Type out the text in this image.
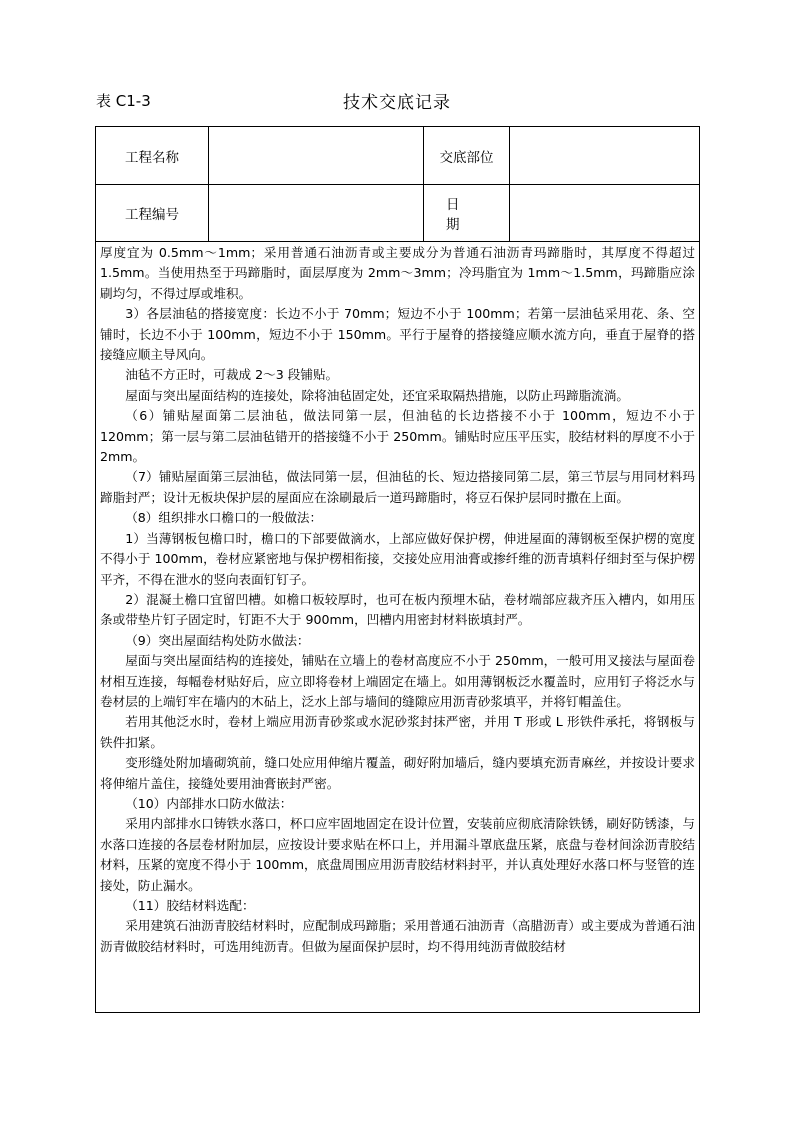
表 C1-3	技术交底记录
工程名称	交底部位
工程编号
日期

厚度宜为 0.5mm～1mm；采用普通石油沥青或主要成分为普通石油沥青玛蹄脂时，其厚度不得超过 1.5mm。当使用热至于玛蹄脂时，面层厚度为 2mm～3mm；冷玛脂宜为 1mm～1.5mm，玛蹄脂应涂刷均匀，不得过厚或堆积。

3）各层油毡的搭接宽度：长边不小于 70mm；短边不小于 100mm；若第一层油毡采用花、条、空铺时，长边不小于 100mm，短边不小于 150mm。平行于屋脊的搭接缝应顺水流方向，垂直于屋脊的搭接缝应顺主导风向。

油毡不方正时，可裁成 2～3 段铺贴。

屋面与突出屋面结构的连接处，除将油毡固定处，还宜采取隔热措施，以防止玛蹄脂流淌。

（6）铺贴屋面第二层油毡，做法同第一层，但油毡的长边搭接不小于 100mm，短边不小于 120mm；第一层与第二层油毡错开的搭接缝不小于 250mm。铺贴时应压平压实，胶结材料的厚度不小于 2mm。

（7）铺贴屋面第三层油毡，做法同第一层，但油毡的长、短边搭接同第二层，第三节层与用同材料玛蹄脂封严；设计无板块保护层的屋面应在涂刷最后一道玛蹄脂时，将豆石保护层同时撒在上面。

（8）组织排水口檐口的一般做法：

1）当薄钢板包檐口时，檐口的下部要做滴水，上部应做好保护楞，伸进屋面的薄钢板至保护楞的宽度不得小于 100mm，卷材应紧密地与保护楞相衔接，交接处应用油膏或掺纤维的沥青填料仔细封至与保护楞平齐，不得在泄水的竖向表面钉钉子。

2）混凝土檐口宜留凹槽。如檐口板较厚时，也可在板内预埋木砧，卷材端部应裁齐压入槽内，如用压条或带垫片钉子固定时，钉距不大于 900mm，凹槽内用密封材料嵌填封严。

（9）突出屋面结构处防水做法：

屋面与突出屋面结构的连接处，铺贴在立墙上的卷材高度应不小于 250mm，一般可用叉接法与屋面卷材相互连接，每幅卷材贴好后，应立即将卷材上端固定在墙上。如用薄钢板泛水覆盖时，应用钉子将泛水与卷材层的上端钉牢在墙内的木砧上，泛水上部与墙间的缝隙应用沥青砂浆填平，并将钉帽盖住。

若用其他泛水时，卷材上端应用沥青砂浆或水泥砂浆封抹严密，并用 T 形或 L 形铁件承托，将钢板与铁件扣紧。

变形缝处附加墙砌筑前，缝口处应用伸缩片覆盖，砌好附加墙后，缝内要填充沥青麻丝，并按设计要求将伸缩片盖住，接缝处要用油膏嵌封严密。

（10）内部排水口防水做法：

采用内部排水口铸铁水落口，杯口应牢固地固定在设计位置，安装前应彻底清除铁锈，刷好防锈漆，与水落口连接的各层卷材附加层，应按设计要求贴在杯口上，并用漏斗罩底盘压紧，底盘与卷材间涂沥青胶结材料，压紧的宽度不得小于 100mm，底盘周围应用沥青胶结材料封平，并认真处理好水落口杯与竖管的连接处，防止漏水。

（11）胶结材料选配：

采用建筑石油沥青胶结材料时，应配制成玛蹄脂；采用普通石油沥青（高腊沥青）或主要成为普通石油沥青做胶结材料时，可选用纯沥青。但做为屋面保护层时，均不得用纯沥青做胶结材
